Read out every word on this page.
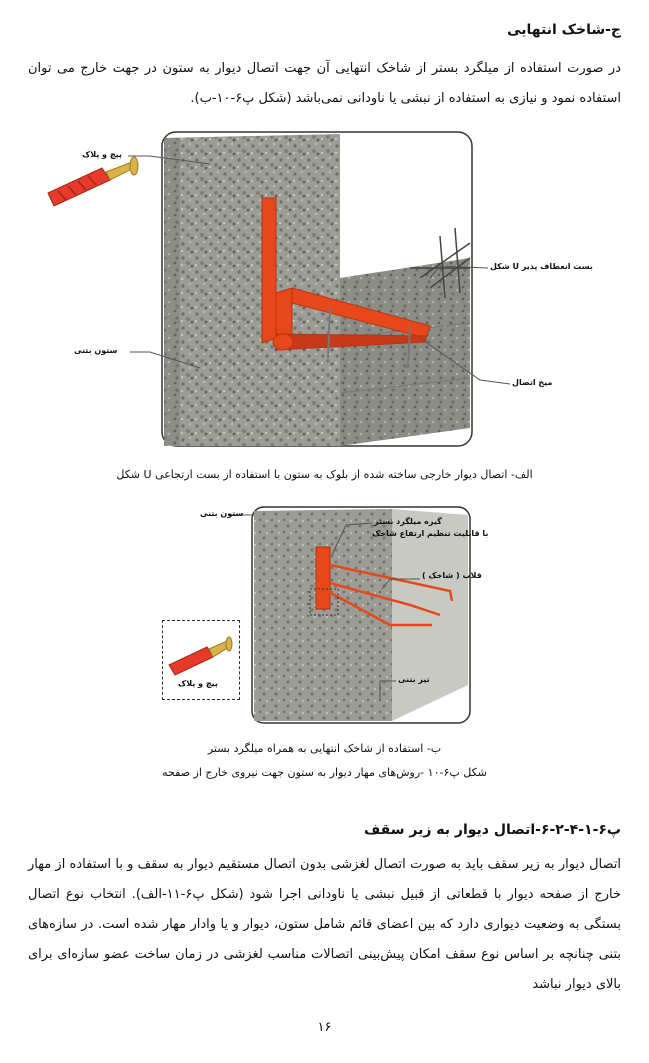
ج-شاخک انتهایی
در صورت استفاده از میلگرد بستر از شاخک انتهایی آن جهت اتصال دیوار به ستون در جهت خارج می توان استفاده نمود و نیازی به استفاده از نبشی یا ناودانی نمی‌باشد (شکل پ۶-۱۰-ب).
پیچ و پلاک
بست انعطاف پذیر U شکل
ستون بتنی
میخ اتصال
الف- اتصال دیوار خارجی ساخته شده از بلوک به ستون با استفاده از بست ارتجاعی U شکل
پیچ و پلاک
ستون بتنی
گیره میلگرد بستر
با قابلیت تنظیم ارتفاع شاخک
قلاب ( شاخک )
تیر بتنی
ب- استفاده از شاخک انتهایی به همراه میلگرد بستر
شکل پ۶-۱۰ -روش‌های مهار دیوار به ستون جهت نیروی خارج از صفحه
پ۶-۱-۴-۲-۶-اتصال دیوار به زیر سقف
اتصال دیوار به زیر سقف باید به صورت اتصال لغزشی بدون اتصال مستقیم دیوار به سقف و با استفاده از مهار خارج از صفحه دیوار با قطعاتی از قبیل نبشی یا ناودانی اجرا شود (شکل پ۶-۱۱-الف). انتخاب نوع اتصال بستگی به وضعیت دیواری دارد که بین اعضای قائم شامل ستون، دیوار و یا وادار مهار شده است. در سازه‌های بتنی چنانچه بر اساس نوع سقف امکان پیش‌بینی اتصالات مناسب لغزشی در زمان ساخت عضو سازه‌ای برای بالای دیوار نباشد
۱۶
